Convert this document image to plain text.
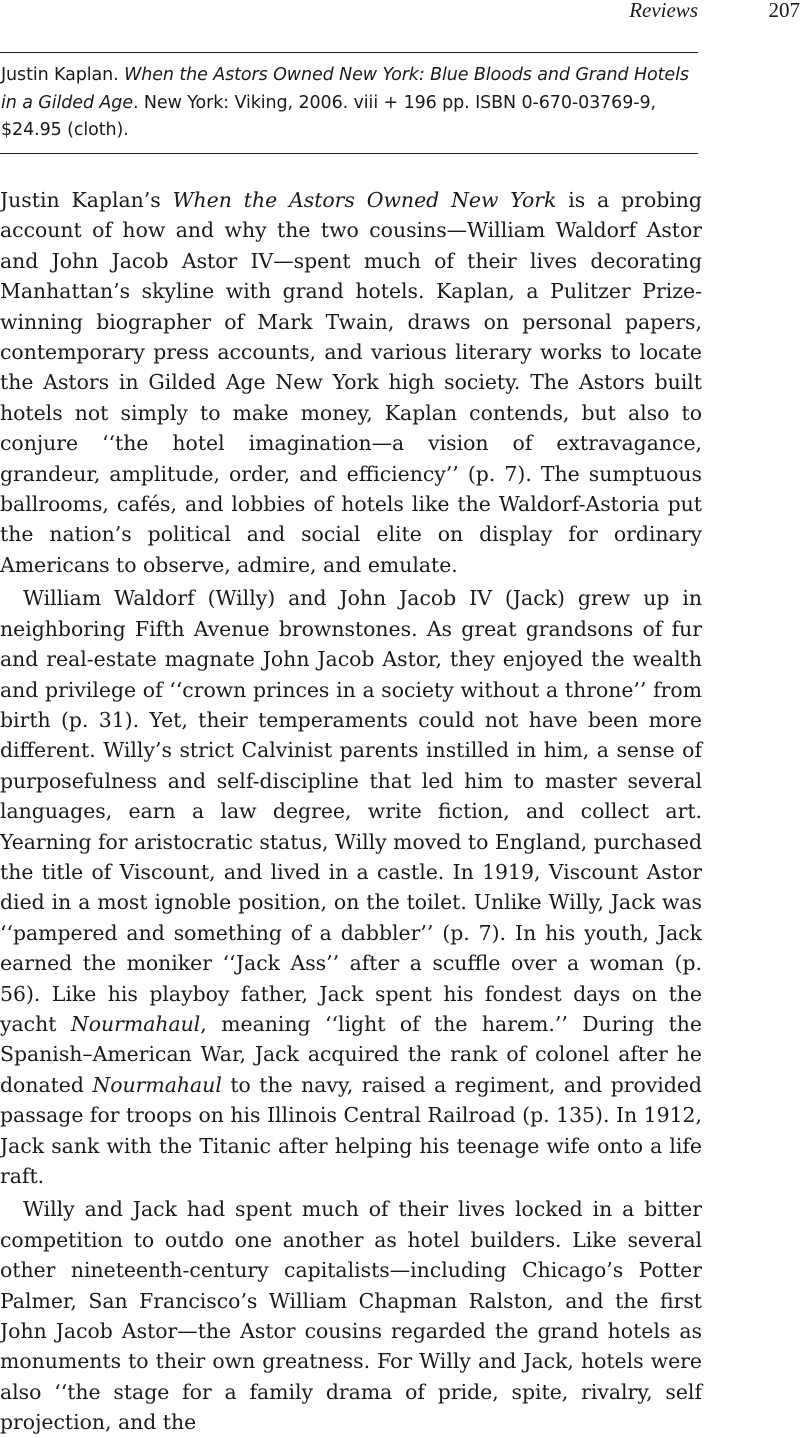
Reviews	207

Justin Kaplan. When the Astors Owned New York: Blue Bloods and Grand Hotels in a Gilded Age. New York: Viking, 2006. viii + 196 pp. ISBN 0-670-03769-9, $24.95 (cloth).

Justin Kaplan’s When the Astors Owned New York is a probing account of how and why the two cousins—William Waldorf Astor and John Jacob Astor IV—spent much of their lives decorating Manhattan’s skyline with grand hotels. Kaplan, a Pulitzer Prize-winning biographer of Mark Twain, draws on personal papers, contemporary press accounts, and various literary works to locate the Astors in Gilded Age New York high society. The Astors built hotels not simply to make money, Kaplan contends, but also to conjure ‘‘the hotel imagination—a vision of extravagance, grandeur, amplitude, order, and efficiency’’ (p. 7). The sumptuous ballrooms, cafés, and lobbies of hotels like the Waldorf-Astoria put the nation’s political and social elite on display for ordinary Americans to observe, admire, and emulate.

William Waldorf (Willy) and John Jacob IV (Jack) grew up in neighboring Fifth Avenue brownstones. As great grandsons of fur and real-estate magnate John Jacob Astor, they enjoyed the wealth and privilege of ‘‘crown princes in a society without a throne’’ from birth (p. 31). Yet, their temperaments could not have been more different. Willy’s strict Calvinist parents instilled in him, a sense of purposefulness and self-discipline that led him to master several languages, earn a law degree, write fiction, and collect art. Yearning for aristocratic status, Willy moved to England, purchased the title of Viscount, and lived in a castle. In 1919, Viscount Astor died in a most ignoble position, on the toilet. Unlike Willy, Jack was ‘‘pampered and something of a dabbler’’ (p. 7). In his youth, Jack earned the moniker ‘‘Jack Ass’’ after a scuffle over a woman (p. 56). Like his playboy father, Jack spent his fondest days on the yacht Nourmahaul, meaning ‘‘light of the harem.’’ During the Spanish–American War, Jack acquired the rank of colonel after he donated Nourmahaul to the navy, raised a regiment, and provided passage for troops on his Illinois Central Railroad (p. 135). In 1912, Jack sank with the Titanic after helping his teenage wife onto a life raft.

Willy and Jack had spent much of their lives locked in a bitter competition to outdo one another as hotel builders. Like several other nineteenth-century capitalists—including Chicago’s Potter Palmer, San Francisco’s William Chapman Ralston, and the first John Jacob Astor—the Astor cousins regarded the grand hotels as monuments to their own greatness. For Willy and Jack, hotels were also ‘‘the stage for a family drama of pride, spite, rivalry, self projection, and the
